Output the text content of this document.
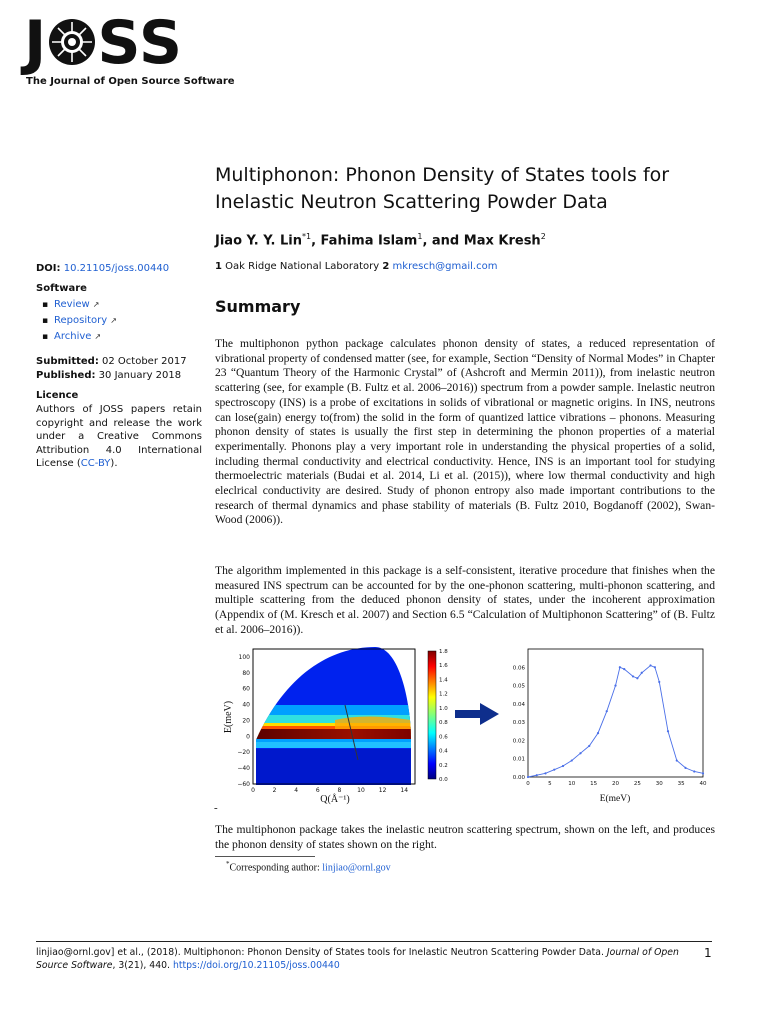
J SS
The Journal of Open Source Software
Multiphonon: Phonon Density of States tools for Inelastic Neutron Scattering Powder Data
Jiao Y. Y. Lin$^{*1}$, Fahima Islam$^1$, and Max Kresh$^2$
1 Oak Ridge National Laboratory 2 mkresch@gmail.com
DOI: 10.21105/joss.00440
Software
▪ Review ↗
▪ Repository ↗
▪ Archive ↗
Submitted: 02 October 2017
Published: 30 January 2018
Licence
Authors of JOSS papers retain copyright and release the work under a Creative Commons Attribution 4.0 International License (CC-BY).
Summary
The multiphonon python package calculates phonon density of states, a reduced representation of vibrational property of condensed matter (see, for example, Section “Density of Normal Modes” in Chapter 23 “Quantum Theory of the Harmonic Crystal” of (Ashcroft and Mermin 2011)), from inelastic neutron scattering (see, for example (B. Fultz et al. 2006–2016)) spectrum from a powder sample. Inelastic neutron spectroscopy (INS) is a probe of excitations in solids of vibrational or magnetic origins. In INS, neutrons can lose(gain) energy to(from) the solid in the form of quantized lattice vibrations – phonons. Measuring phonon density of states is usually the first step in determining the phonon properties of a material experimentally. Phonons play a very important role in understanding the physical properties of a solid, including thermal conductivity and electrical conductivity. Hence, INS is an important tool for studying thermoelectric materials (Budai et al. 2014, Li et al. (2015)), where low thermal conductivity and high eleclrical conductivity are desired. Study of phonon entropy also made important contributions to the research of thermal dynamics and phase stability of materials (B. Fultz 2010, Bogdanoff (2002), Swan-Wood (2006)).
The algorithm implemented in this package is a self-consistent, iterative procedure that finishes when the measured INS spectrum can be accounted for by the one-phonon scattering, multi-phonon scattering, and multiple scattering from the deduced phonon density of states, under the incoherent approximation (Appendix of (M. Kresch et al. 2007) and Section 6.5 “Calculation of Multiphonon Scattering” of (B. Fultz et al. 2006–2016)).
1.8
1.6
1.4
1.2
1.0
0.8
0.6
0.4
0.2
0.0
0	2	4	6	8	10 12 14
100
80
60
40
20
0
−20
−40
−60
Q(Å⁻¹)
E(meV)
0	5	10	15	20	25	30	35	40
0.06
0.05
0.04
0.03
0.02
0.01
0.00
E(meV)
-
The multiphonon package takes the inelastic neutron scattering spectrum, shown on the left, and produces the phonon density of states shown on the right.
*Corresponding author: linjiao@ornl.gov
linjiao@ornl.gov] et al., (2018). Multiphonon: Phonon Density of States tools for Inelastic Neutron Scattering Powder Data. Journal of Open Source Software, 3(21), 440. https://doi.org/10.21105/joss.00440
1
